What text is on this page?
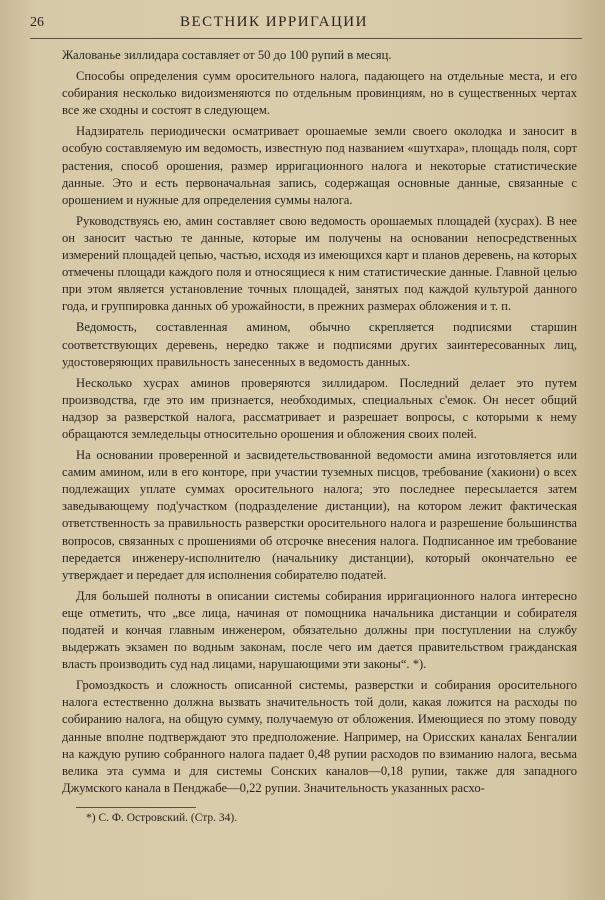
26	ВЕСТНИК ИРРИГАЦИИ

Жалованье зиллидара составляет от 50 до 100 рупий в месяц.

Способы определения сумм оросительного налога, падающего на отдельные места, и его собирания несколько видоизменяются по отдельным провинциям, но в существенных чертах все же сходны и состоят в следующем.

Надзиратель периодически осматривает орошаемые земли своего околодка и заносит в особую составляемую им ведомость, известную под названием «шутхара», площадь поля, сорт растения, способ орошения, размер ирригационного налога и некоторые статистические данные. Это и есть первоначальная запись, содержащая основные данные, связанные с орошением и нужные для определения суммы налога.

Руководствуясь ею, амин составляет свою ведомость орошаемых площадей (хусрах). В нее он заносит частью те данные, которые им получены на основании непосредственных измерений площадей цепью, частью, исходя из имеющихся карт и планов деревень, на которых отмечены площади каждого поля и относящиеся к ним статистические данные. Главной целью при этом является установление точных площадей, занятых под каждой культурой данного года, и группировка данных об урожайности, в прежних размерах обложения и т. п.

Ведомость, составленная амином, обычно скрепляется подписями старшин соответствующих деревень, нередко также и подписями других заинтересованных лиц, удостоверяющих правильность занесенных в ведомость данных.

Несколько хусрах аминов проверяются зиллидаром. Последний делает это путем производства, где это им признается, необходимых, специальных с'емок. Он несет общий надзор за разверсткой налога, рассматривает и разрешает вопросы, с которыми к нему обращаются земледельцы относительно орошения и обложения своих полей.

На основании проверенной и засвидетельствованной ведомости амина изготовляется или самим амином, или в его конторе, при участии туземных писцов, требование (хакиони) о всех подлежащих уплате суммах оросительного налога; это последнее пересылается затем заведывающему под'участком (подразделение дистанции), на котором лежит фактическая ответственность за правильность разверстки оросительного налога и разрешение большинства вопросов, связанных с прошениями об отсрочке внесения налога. Подписанное им требование передается инженеру-исполнителю (начальнику дистанции), который окончательно ее утверждает и передает для исполнения собирателю податей.

Для большей полноты в описании системы собирания ирригационного налога интересно еще отметить, что „все лица, начиная от помощника начальника дистанции и собирателя податей и кончая главным инженером, обязательно должны при поступлении на службу выдержать экзамен по водным законам, после чего им дается правительством гражданская власть производить суд над лицами, нарушающими эти законы“. *).

Громоздкость и сложность описанной системы, разверстки и собирания оросительного налога естественно должна вызвать значительность той доли, какая ложится на расходы по собиранию налога, на общую сумму, получаемую от обложения. Имеющиеся по этому поводу данные вполне подтверждают это предположение. Например, на Орисских каналах Бенгалии на каждую рупию собранного налога падает 0,48 рупии расходов по взиманию налога, весьма велика эта сумма и для системы Сонских каналов—0,18 рупии, также для западного Джумского канала в Пенджабе—0,22 рупии. Значительность указанных расхо-

*) С. Ф. Островский. (Стр. 34).
